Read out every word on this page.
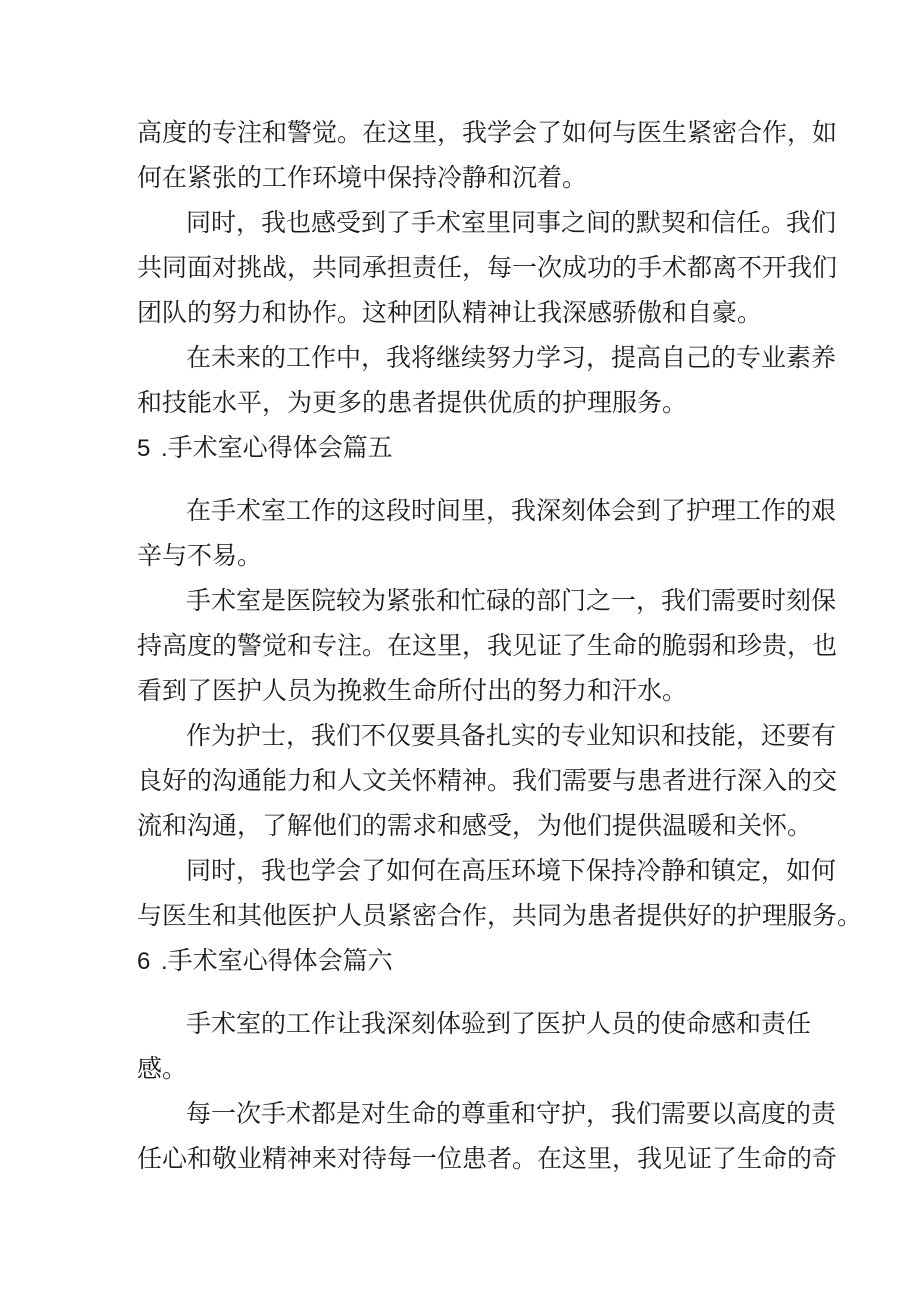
高度的专注和警觉。在这里，我学会了如何与医生紧密合作，如
何在紧张的工作环境中保持冷静和沉着。
同时，我也感受到了手术室里同事之间的默契和信任。我们
共同面对挑战，共同承担责任，每一次成功的手术都离不开我们
团队的努力和协作。这种团队精神让我深感骄傲和自豪。
在未来的工作中，我将继续努力学习，提高自己的专业素养
和技能水平，为更多的患者提供优质的护理服务。
5 .手术室心得体会篇五
在手术室工作的这段时间里，我深刻体会到了护理工作的艰
辛与不易。
手术室是医院较为紧张和忙碌的部门之一，我们需要时刻保
持高度的警觉和专注。在这里，我见证了生命的脆弱和珍贵，也
看到了医护人员为挽救生命所付出的努力和汗水。
作为护士，我们不仅要具备扎实的专业知识和技能，还要有
良好的沟通能力和人文关怀精神。我们需要与患者进行深入的交
流和沟通，了解他们的需求和感受，为他们提供温暖和关怀。
同时，我也学会了如何在高压环境下保持冷静和镇定，如何
与医生和其他医护人员紧密合作，共同为患者提供好的护理服务。
6 .手术室心得体会篇六
手术室的工作让我深刻体验到了医护人员的使命感和责任
感。
每一次手术都是对生命的尊重和守护，我们需要以高度的责
任心和敬业精神来对待每一位患者。在这里，我见证了生命的奇
